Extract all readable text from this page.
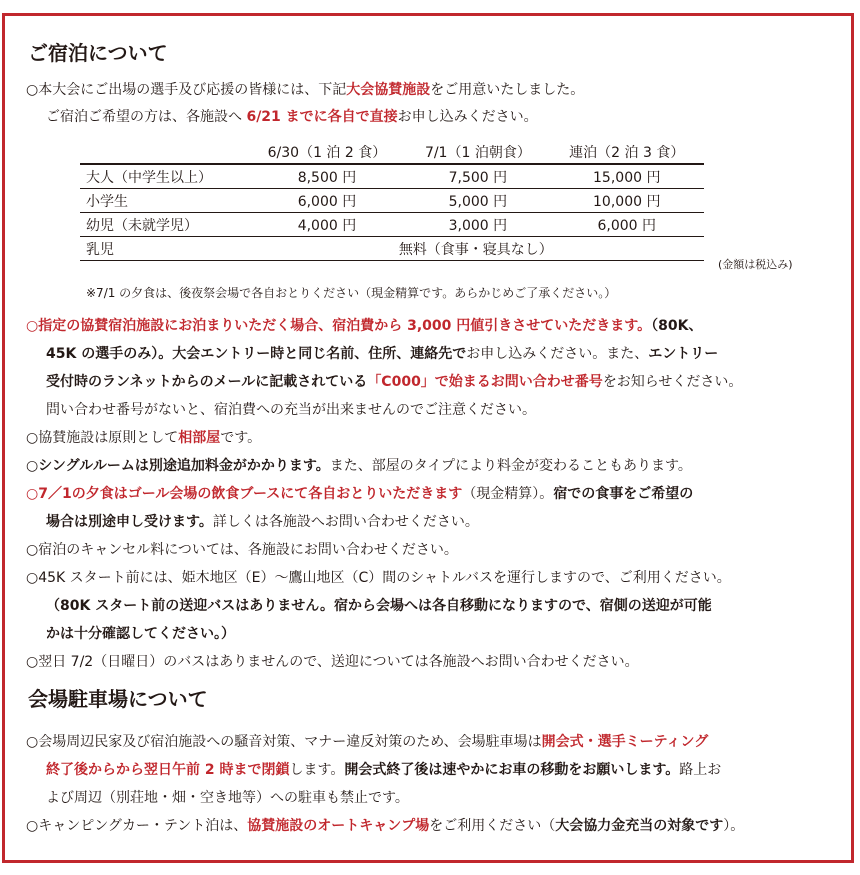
ご宿泊について
○本大会にご出場の選手及び応援の皆様には、下記大会協賛施設をご用意いたしました。
ご宿泊ご希望の方は、各施設へ 6/21 までに各自で直接お申し込みください。
	6/30（1 泊 2 食）	7/1（1 泊朝食）	連泊（2 泊 3 食）
大人（中学生以上）	8,500 円	7,500 円	15,000 円
小学生	6,000 円	5,000 円	10,000 円
幼児（未就学児）	4,000 円	3,000 円	6,000 円
乳児	無料（食事・寝具なし）		
(金額は税込み)
※7/1 の夕食は、後夜祭会場で各自おとりください（現金精算です。あらかじめご了承ください。）
○指定の協賛宿泊施設にお泊まりいただく場合、宿泊費から 3,000 円値引きさせていただきます。（80K、
45K の選手のみ）。大会エントリー時と同じ名前、住所、連絡先でお申し込みください。また、エントリー
受付時のランネットからのメールに記載されている「C000」で始まるお問い合わせ番号をお知らせください。
問い合わせ番号がないと、宿泊費への充当が出来ませんのでご注意ください。
○協賛施設は原則として相部屋です。
○シングルルームは別途追加料金がかかります。また、部屋のタイプにより料金が変わることもあります。
○7／1の夕食はゴール会場の飲食ブースにて各自おとりいただきます（現金精算）。宿での食事をご希望の
場合は別途申し受けます。詳しくは各施設へお問い合わせください。
○宿泊のキャンセル料については、各施設にお問い合わせください。
○45K スタート前には、姫木地区（E）～鷹山地区（C）間のシャトルバスを運行しますので、ご利用ください。
（80K スタート前の送迎バスはありません。宿から会場へは各自移動になりますので、宿側の送迎が可能
かは十分確認してください。）
○翌日 7/2（日曜日）のバスはありませんので、送迎については各施設へお問い合わせください。
会場駐車場について
○会場周辺民家及び宿泊施設への騒音対策、マナー違反対策のため、会場駐車場は開会式・選手ミーティング
終了後からから翌日午前 2 時まで閉鎖します。開会式終了後は速やかにお車の移動をお願いします。路上お
よび周辺（別荘地・畑・空き地等）への駐車も禁止です。
○キャンピングカー・テント泊は、協賛施設のオートキャンプ場をご利用ください（大会協力金充当の対象です）。
